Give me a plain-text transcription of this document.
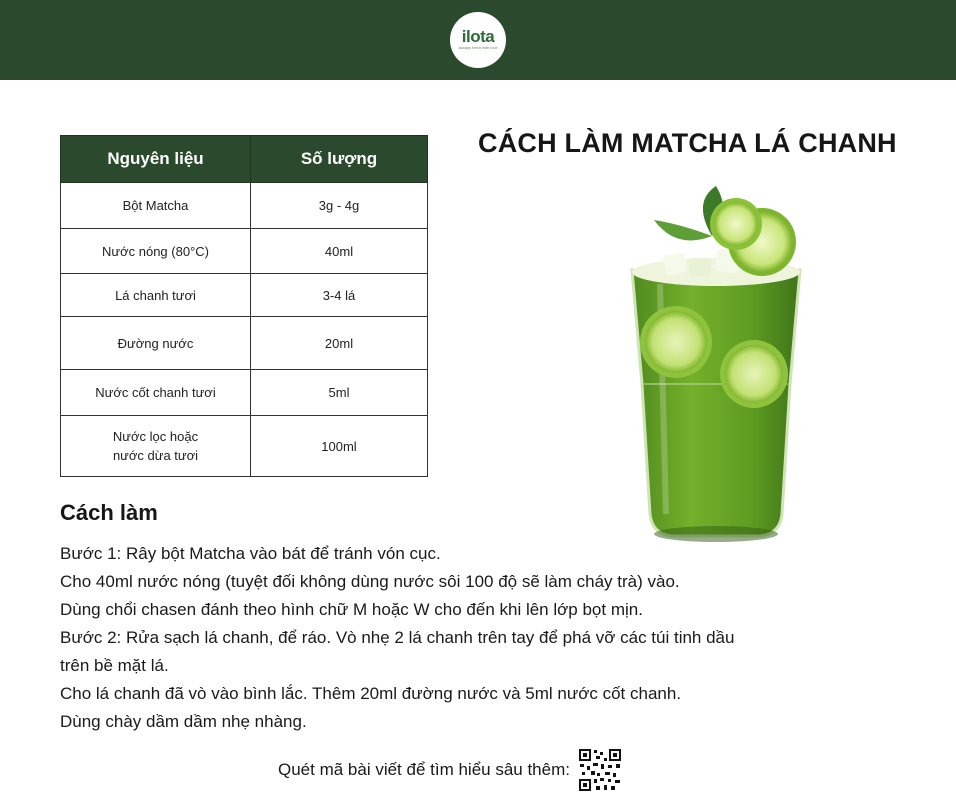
ilota
Always fresh with love
Nguyên liệu	Số lượng
Bột Matcha	3g - 4g
Nước nóng (80°C)	40ml
Lá chanh tươi	3-4 lá
Đường nước	20ml
Nước cốt chanh tươi	5ml

Nước lọc hoặc
nước dừa tươi	100ml
CÁCH LÀM MATCHA LÁ CHANH
Cách làm
Bước 1: Rây bột Matcha vào bát để tránh vón cục.
Cho 40ml nước nóng (tuyệt đối không dùng nước sôi 100 độ sẽ làm cháy trà) vào.
Dùng chổi chasen đánh theo hình chữ M hoặc W cho đến khi lên lớp bọt mịn.
Bước 2: Rửa sạch lá chanh, để ráo. Vò nhẹ 2 lá chanh trên tay để phá vỡ các túi tinh dầu
trên bề mặt lá.
Cho lá chanh đã vò vào bình lắc. Thêm 20ml đường nước và 5ml nước cốt chanh.
Dùng chày dầm dầm nhẹ nhàng.
Quét mã bài viết để tìm hiểu sâu thêm:
